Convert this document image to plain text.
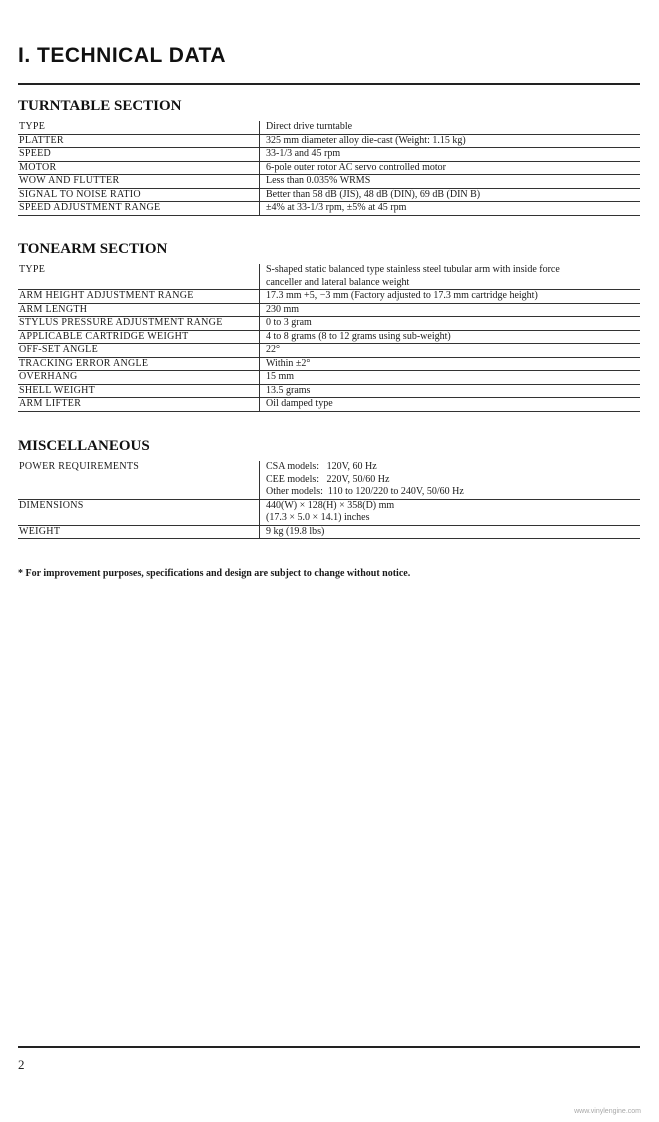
I. TECHNICAL DATA
TURNTABLE SECTION
TYPE	Direct drive turntable
PLATTER	325 mm diameter alloy die-cast (Weight: 1.15 kg)
SPEED	33-1/3 and 45 rpm
MOTOR	6-pole outer rotor AC servo controlled motor
WOW AND FLUTTER	Less than 0.035% WRMS
SIGNAL TO NOISE RATIO	Better than 58 dB (JIS), 48 dB (DIN), 69 dB (DIN B)
SPEED ADJUSTMENT RANGE	±4% at 33-1/3 rpm, ±5% at 45 rpm
TONEARM SECTION
TYPE	S-shaped static balanced type stainless steel tubular arm with inside force
	canceller and lateral balance weight
ARM HEIGHT ADJUSTMENT RANGE	17.3 mm +5, −3 mm (Factory adjusted to 17.3 mm cartridge height)
ARM LENGTH	230 mm
STYLUS PRESSURE ADJUSTMENT RANGE	0 to 3 gram
APPLICABLE CARTRIDGE WEIGHT	4 to 8 grams (8 to 12 grams using sub-weight)
OFF-SET ANGLE	22°
TRACKING ERROR ANGLE	Within ±2°
OVERHANG	15 mm
SHELL WEIGHT	13.5 grams
ARM LIFTER	Oil damped type
MISCELLANEOUS
POWER REQUIREMENTS	CSA models:   120V, 60 Hz
	CEE models:   220V, 50/60 Hz
	Other models:  110 to 120/220 to 240V, 50/60 Hz
DIMENSIONS	440(W) × 128(H) × 358(D) mm
	(17.3 × 5.0 × 14.1) inches
WEIGHT	9 kg (19.8 lbs)
* For improvement purposes, specifications and design are subject to change without notice.
2
www.vinylengine.com
